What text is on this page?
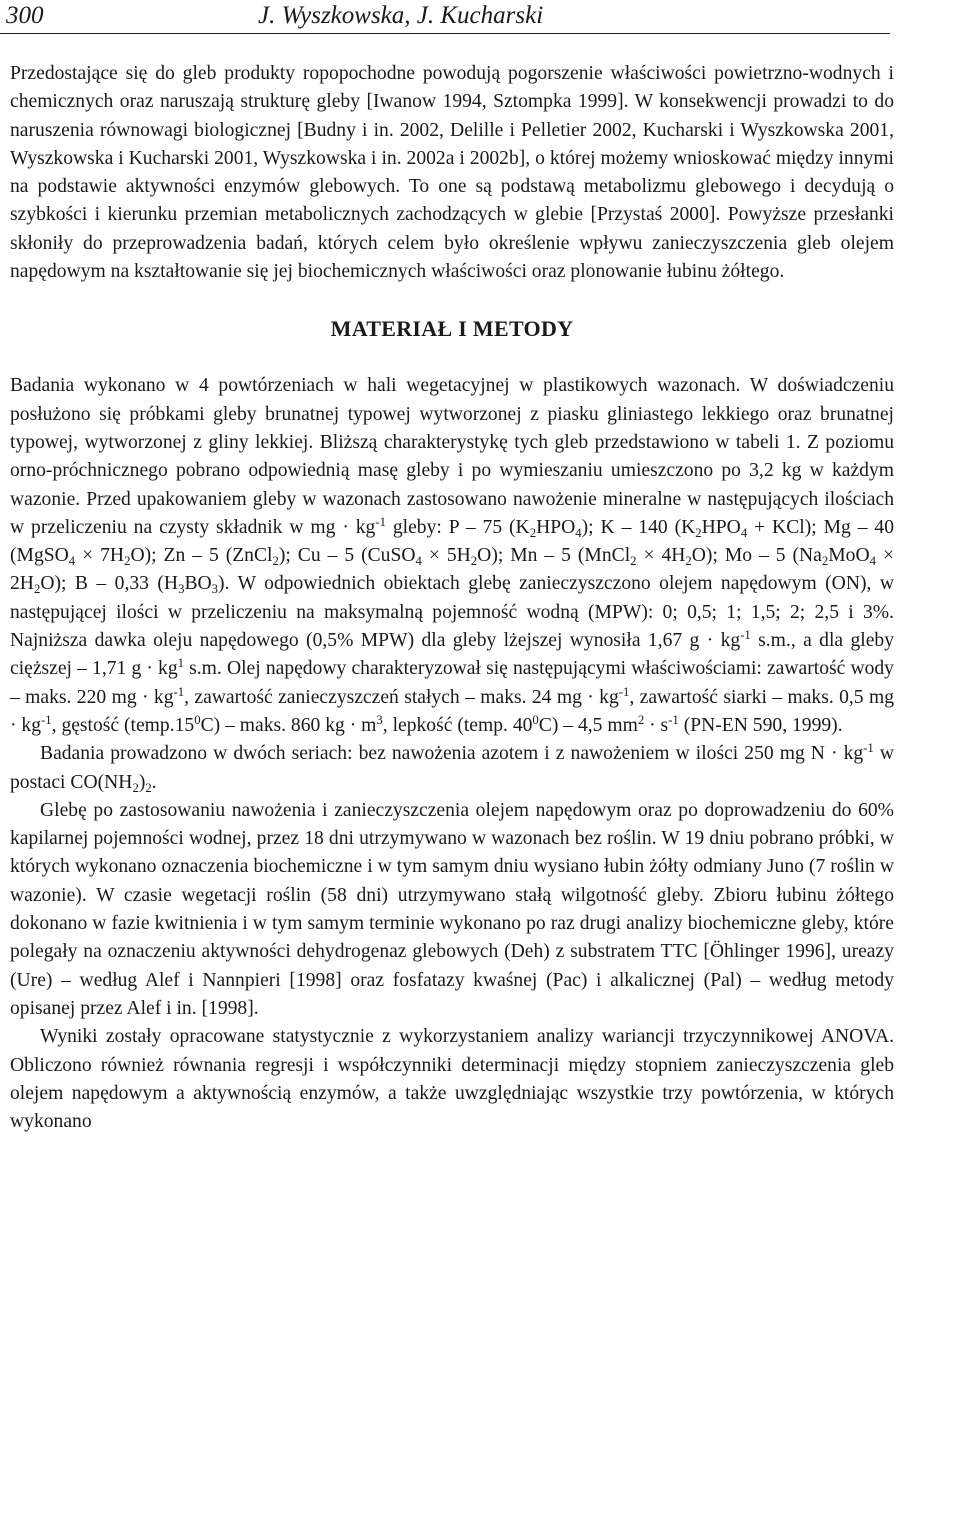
300	J. Wyszkowska, J. Kucharski

Przedostające się do gleb produkty ropopochodne powodują pogorszenie właściwości powietrzno-wodnych i chemicznych oraz naruszają strukturę gleby [Iwanow 1994, Sztompka 1999]. W konsekwencji prowadzi to do naruszenia równowagi biologicznej [Budny i in. 2002, Delille i Pelletier 2002, Kucharski i Wyszkowska 2001, Wyszkowska i Kucharski 2001, Wyszkowska i in. 2002a i 2002b], o której możemy wnioskować między innymi na podstawie aktywności enzymów glebowych. To one są podstawą metabolizmu glebowego i decydują o szybkości i kierunku przemian metabolicznych zachodzących w glebie [Przystaś 2000]. Powyższe przesłanki skłoniły do przeprowadzenia badań, których celem było określenie wpływu zanieczyszczenia gleb olejem napędowym na kształtowanie się jej biochemicznych właściwości oraz plonowanie łubinu żółtego.

MATERIAŁ I METODY

Badania wykonano w 4 powtórzeniach w hali wegetacyjnej w plastikowych wazonach. W doświadczeniu posłużono się próbkami gleby brunatnej typowej wytworzonej z piasku gliniastego lekkiego oraz brunatnej typowej, wytworzonej z gliny lekkiej. Bliższą charakterystykę tych gleb przedstawiono w tabeli 1. Z poziomu orno-próchnicznego pobrano odpowiednią masę gleby i po wymieszaniu umieszczono po 3,2 kg w każdym wazonie. Przed upakowaniem gleby w wazonach zastosowano nawożenie mineralne w następujących ilościach w przeliczeniu na czysty składnik w mg · $kg^{-1}$ gleby: P – 75 $(K_2HPO_4)$; K – 140 $(K_2HPO_4 + KCl)$; Mg – 40 (MgSO$_4$ × $7H_2O$); Zn – 5 (ZnCl$_2$); Cu – 5 (CuSO$_4$ × $5H_2O$); Mn – 5 (MnCl$_2$ × $4H_2O$); Mo – 5 $(Na_2MoO_4 \times 2H_2O)$; B – 0,33 $(H_3BO_3)$. W odpowiednich obiektach glebę zanieczyszczono olejem napędowym (ON), w następującej ilości w przeliczeniu na maksymalną pojemność wodną (MPW): 0; 0,5; 1; 1,5; 2; 2,5 i 3%. Najniższa dawka oleju napędowego (0,5% MPW) dla gleby lżejszej wynosiła 1,67 $g \cdot kg^{-1}$ s.m., a dla gleby cięższej – 1,71 $g \cdot kg^1$ s.m. Olej napędowy charakteryzował się następującymi właściwościami: zawartość wody – maks. 220 mg · $kg^{-1}$, zawartość zanieczyszczeń stałych – maks. 24 mg · $kg^{-1}$, zawartość siarki – maks. 0,5 mg · $kg^{-1}$, gęstość $(temp.15^0C)$ – maks. 860 kg · $m^3$, lepkość (temp. $40^0C) - 4,5$ $mm^2 \cdot s^{-1}$ (PN-EN 590, 1999).

Badania prowadzono w dwóch seriach: bez nawożenia azotem i z nawożeniem w ilości 250 mg $N \cdot kg^{-1}$ w postaci $CO(NH_2)_2$.

Glebę po zastosowaniu nawożenia i zanieczyszczenia olejem napędowym oraz po doprowadzeniu do 60% kapilarnej pojemności wodnej, przez 18 dni utrzymywano w wazonach bez roślin. W 19 dniu pobrano próbki, w których wykonano oznaczenia biochemiczne i w tym samym dniu wysiano łubin żółty odmiany Juno (7 roślin w wazonie). W czasie wegetacji roślin (58 dni) utrzymywano stałą wilgotność gleby. Zbioru łubinu żółtego dokonano w fazie kwitnienia i w tym samym terminie wykonano po raz drugi analizy biochemiczne gleby, które polegały na oznaczeniu aktywności dehydrogenaz glebowych (Deh) z substratem TTC [Öhlinger 1996], ureazy (Ure) – według Alef i Nannpieri [1998] oraz fosfatazy kwaśnej (Pac) i alkalicznej (Pal) – według metody opisanej przez Alef i in. [1998].

Wyniki zostały opracowane statystycznie z wykorzystaniem analizy wariancji trzyczynnikowej ANOVA. Obliczono również równania regresji i współczynniki determinacji między stopniem zanieczyszczenia gleb olejem napędowym a aktywnością enzymów, a także uwzględniając wszystkie trzy powtórzenia, w których wykonano
